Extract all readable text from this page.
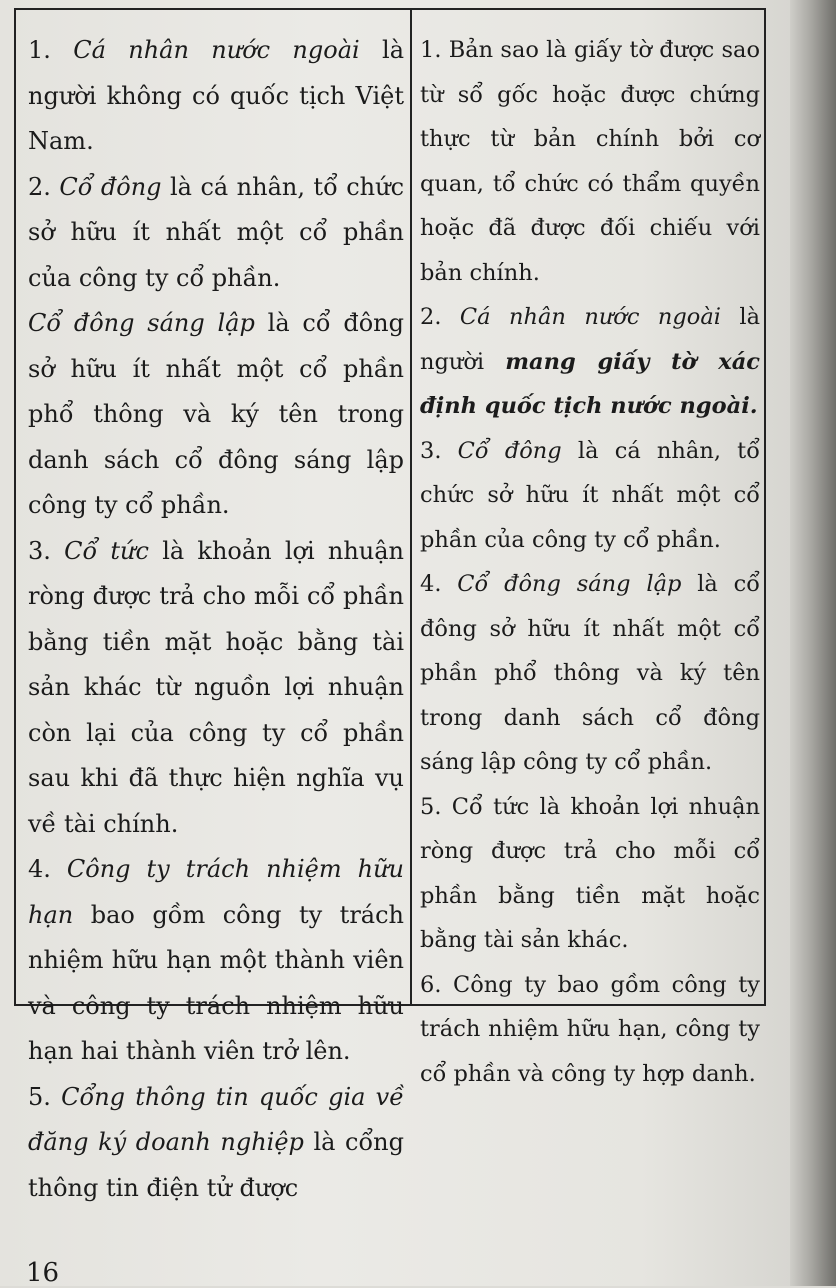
1. Cá nhân nước ngoài là người không có quốc tịch Việt Nam.

2. Cổ đông là cá nhân, tổ chức sở hữu ít nhất một cổ phần của công ty cổ phần.

Cổ đông sáng lập là cổ đông sở hữu ít nhất một cổ phần phổ thông và ký tên trong danh sách cổ đông sáng lập công ty cổ phần.

3. Cổ tức là khoản lợi nhuận ròng được trả cho mỗi cổ phần bằng tiền mặt hoặc bằng tài sản khác từ nguồn lợi nhuận còn lại của công ty cổ phần sau khi đã thực hiện nghĩa vụ về tài chính.

4. Công ty trách nhiệm hữu hạn bao gồm công ty trách nhiệm hữu hạn một thành viên và công ty trách nhiệm hữu hạn hai thành viên trở lên.

5. Cổng thông tin quốc gia về đăng ký doanh nghiệp là cổng thông tin điện tử được

1. Bản sao là giấy tờ được sao từ sổ gốc hoặc được chứng thực từ bản chính bởi cơ quan, tổ chức có thẩm quyền hoặc đã được đối chiếu với bản chính.

2. Cá nhân nước ngoài là người mang giấy tờ xác định quốc tịch nước ngoài.

3. Cổ đông là cá nhân, tổ chức sở hữu ít nhất một cổ phần của công ty cổ phần.

4. Cổ đông sáng lập là cổ đông sở hữu ít nhất một cổ phần phổ thông và ký tên trong danh sách cổ đông sáng lập công ty cổ phần.

5. Cổ tức là khoản lợi nhuận ròng được trả cho mỗi cổ phần bằng tiền mặt hoặc bằng tài sản khác.

6. Công ty bao gồm công ty trách nhiệm hữu hạn, công ty cổ phần và công ty hợp danh.

16
